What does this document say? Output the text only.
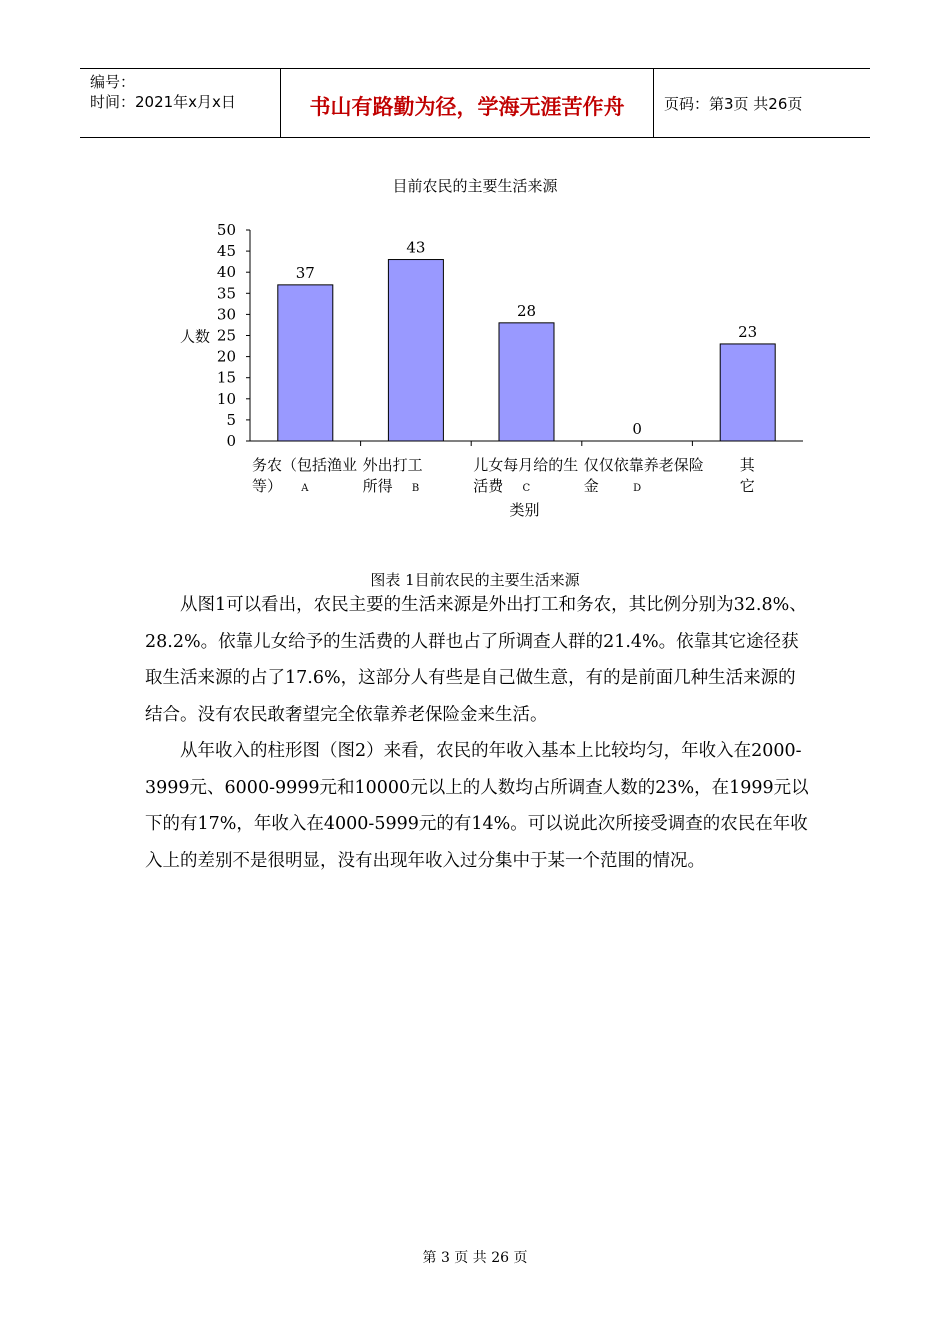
编号：
时间：2021年x月x日	书山有路勤为径，学海无涯苦作舟	页码：第3页 共26页
目前农民的主要生活来源
0
5
10
15
20
25
30
35
40
45
50
人数
37
43
28
0
23
务农（包括渔业
等） A
外出打工
所得 B
儿女每月给的生
活费 C
仅仅依靠养老保险
金	D
其
它
类别
图表 1目前农民的主要生活来源
从图1可以看出，农民主要的生活来源是外出打工和务农，其比例分别为32.8%、28.2%。依靠儿女给予的生活费的人群也占了所调查人群的21.4%。依靠其它途径获取生活来源的占了17.6%，这部分人有些是自己做生意，有的是前面几种生活来源的结合。没有农民敢奢望完全依靠养老保险金来生活。
从年收入的柱形图（图2）来看，农民的年收入基本上比较均匀，年收入在2000-3999元、6000-9999元和10000元以上的人数均占所调查人数的23%，在1999元以下的有17%，年收入在4000-5999元的有14%。可以说此次所接受调查的农民在年收入上的差别不是很明显，没有出现年收入过分集中于某一个范围的情况。
第 3 页 共 26 页
